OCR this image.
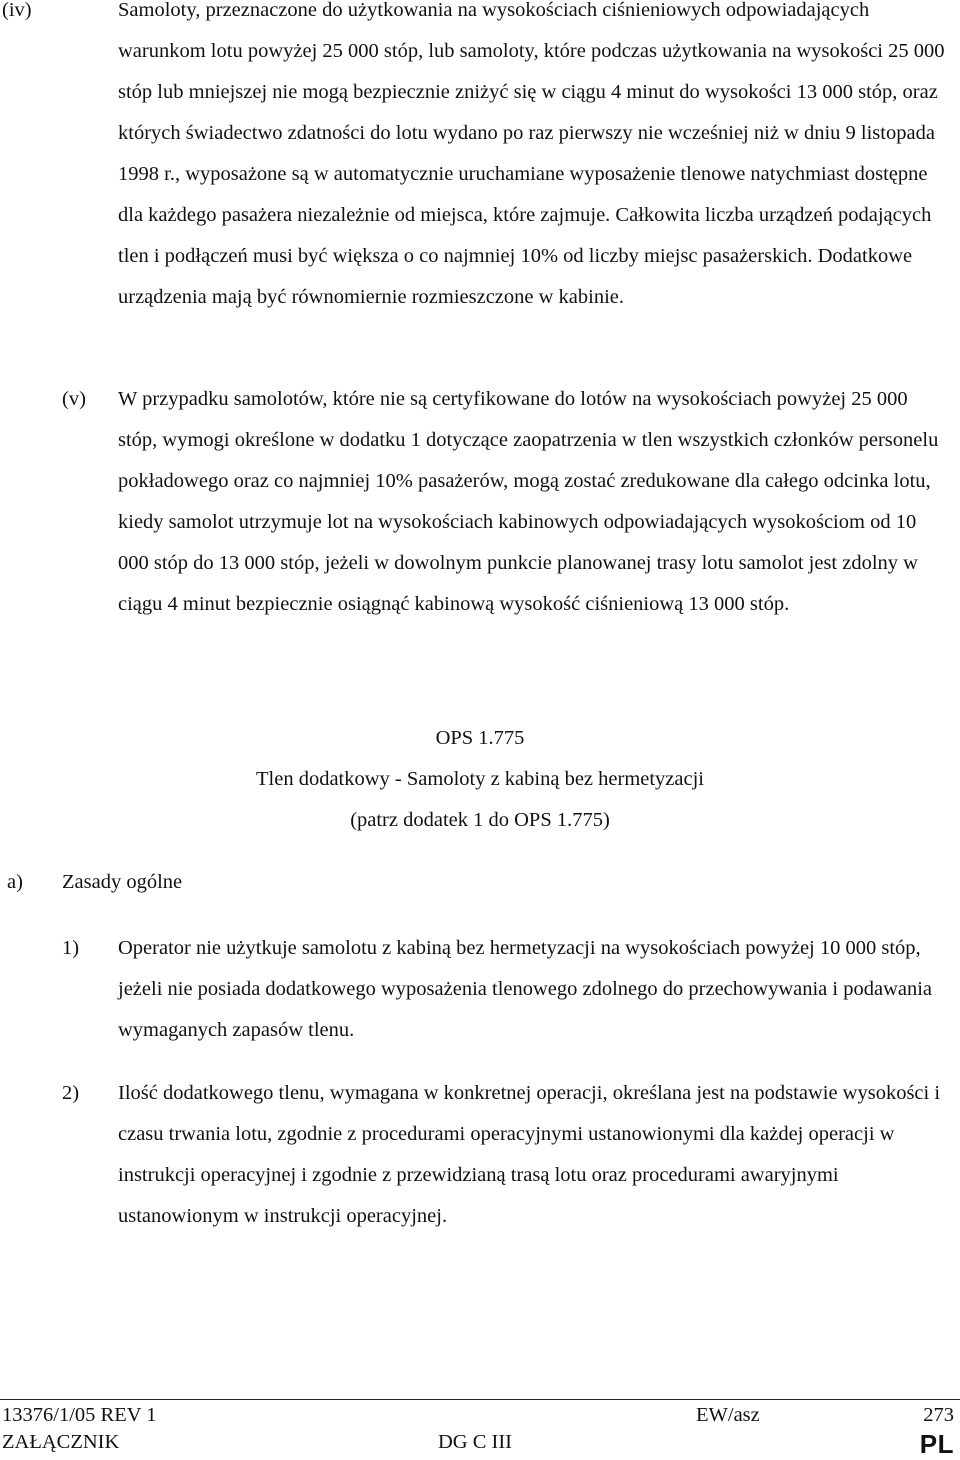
(iv)	Samoloty, przeznaczone do użytkowania na wysokościach ciśnieniowych odpowiadających warunkom lotu powyżej 25 000 stóp, lub samoloty, które podczas użytkowania na wysokości 25 000 stóp lub mniejszej nie mogą bezpiecznie zniżyć się w ciągu 4 minut do wysokości 13 000 stóp, oraz których świadectwo zdatności do lotu wydano po raz pierwszy nie wcześniej niż w dniu 9 listopada 1998 r., wyposażone są w automatycznie uruchamiane wyposażenie tlenowe natychmiast dostępne dla każdego pasażera niezależnie od miejsca, które zajmuje. Całkowita liczba urządzeń podających tlen i podłączeń musi być większa o co najmniej 10% od liczby miejsc pasażerskich. Dodatkowe urządzenia mają być równomiernie rozmieszczone w kabinie.
(v) W przypadku samolotów, które nie są certyfikowane do lotów na wysokościach powyżej 25 000 stóp, wymogi określone w dodatku 1 dotyczące zaopatrzenia w tlen wszystkich członków personelu pokładowego oraz co najmniej 10% pasażerów, mogą zostać zredukowane dla całego odcinka lotu, kiedy samolot utrzymuje lot na wysokościach kabinowych odpowiadających wysokościom od 10 000 stóp do 13 000 stóp, jeżeli w dowolnym punkcie planowanej trasy lotu samolot jest zdolny w ciągu 4 minut bezpiecznie osiągnąć kabinową wysokość ciśnieniową 13 000 stóp.
OPS 1.775
Tlen dodatkowy - Samoloty z kabiną bez hermetyzacji
(patrz dodatek 1 do OPS 1.775)
a) Zasady ogólne
1) Operator nie użytkuje samolotu z kabiną bez hermetyzacji na wysokościach powyżej 10 000 stóp, jeżeli nie posiada dodatkowego wyposażenia tlenowego zdolnego do przechowywania i podawania wymaganych zapasów tlenu.
2) Ilość dodatkowego tlenu, wymagana w konkretnej operacji, określana jest na podstawie wysokości i czasu trwania lotu, zgodnie z procedurami operacyjnymi ustanowionymi dla każdej operacji w instrukcji operacyjnej i zgodnie z przewidzianą trasą lotu oraz procedurami awaryjnymi ustanowionym w instrukcji operacyjnej.
13376/1/05 REV 1	EW/asz	273
ZAŁĄCZNIK	DG C III	PL
